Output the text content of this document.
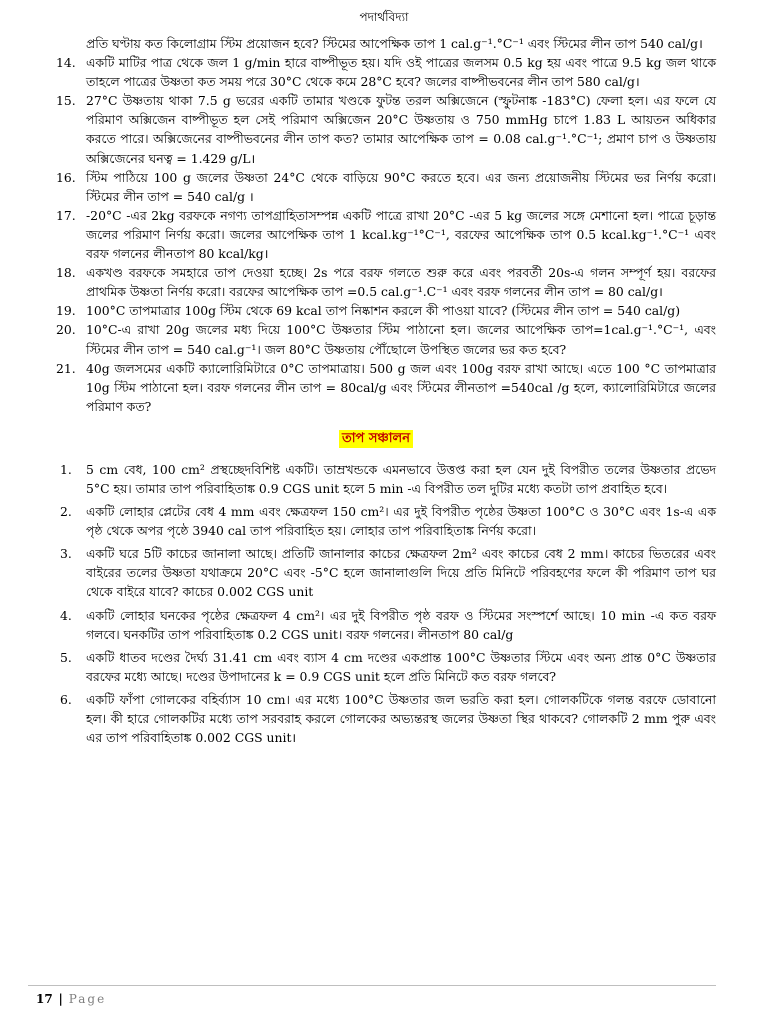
পদার্থবিদ্যা

প্রতি ঘণ্টায় কত কিলোগ্রাম স্টিম প্রয়োজন হবে? স্টিমের আপেক্ষিক তাপ 1 cal.g⁻¹.°C⁻¹ এবং স্টিমের লীন তাপ 540 cal/g।

14. একটি মাটির পাত্র থেকে জল 1 g/min হারে বাষ্পীভূত হয়। যদি ওই পাত্রের জলসম 0.5 kg হয় এবং পাত্রে 9.5 kg জল থাকে তাহলে পাত্রের উষ্ণতা কত সময় পরে 30°C থেকে কমে 28°C হবে? জলের বাষ্পীভবনের লীন তাপ 580 cal/g।
15. 27°C উষ্ণতায় থাকা 7.5 g ভরের একটি তামার খণ্ডকে ফুটন্ত তরল অক্সিজেনে (স্ফুটনাঙ্ক -183°C) ফেলা হল। এর ফলে যে পরিমাণ অক্সিজেন বাষ্পীভূত হল সেই পরিমাণ অক্সিজেন 20°C উষ্ণতায় ও 750 mmHg চাপে 1.83 L আয়তন অধিকার করতে পারে। অক্সিজেনের বাষ্পীভবনের লীন তাপ কত? তামার আপেক্ষিক তাপ = 0.08 cal.g⁻¹.°C⁻¹; প্রমাণ চাপ ও উষ্ণতায় অক্সিজেনের ঘনত্ব = 1.429 g/L।
16. স্টিম পাঠিয়ে 100 g জলের উষ্ণতা 24°C থেকে বাড়িয়ে 90°C করতে হবে। এর জন্য প্রয়োজনীয় স্টিমের ভর নির্ণয় করো। স্টিমের লীন তাপ = 540 cal/g ।
17. -20°C -এর 2kg বরফকে নগণ্য তাপগ্রাহিতাসম্পন্ন একটি পাত্রে রাখা 20°C -এর 5 kg জলের সঙ্গে মেশানো হল। পাত্রে চূড়ান্ত জলের পরিমাণ নির্ণয় করো। জলের আপেক্ষিক তাপ 1 kcal.kg⁻¹°C⁻¹, বরফের আপেক্ষিক তাপ 0.5 kcal.kg⁻¹.°C⁻¹ এবং বরফ গলনের লীনতাপ 80 kcal/kg।
18. একখণ্ড বরফকে সমহারে তাপ দেওয়া হচ্ছে। 2s পরে বরফ গলতে শুরু করে এবং পরবর্তী 20s-এ গলন সম্পূর্ণ হয়। বরফের প্রাথমিক উষ্ণতা নির্ণয় করো। বরফের আপেক্ষিক তাপ =0.5 cal.g⁻¹.C⁻¹ এবং বরফ গলনের লীন তাপ = 80 cal/g।
19. 100°C তাপমাত্রার 100g স্টিম থেকে 69 kcal তাপ নিষ্কাশন করলে কী পাওয়া যাবে? (স্টিমের লীন তাপ = 540 cal/g)
20. 10°C-এ রাখা 20g জলের মধ্য দিয়ে 100°C উষ্ণতার স্টিম পাঠানো হল। জলের আপেক্ষিক তাপ=1cal.g⁻¹.°C⁻¹, এবং স্টিমের লীন তাপ = 540 cal.g⁻¹। জল 80°C উষ্ণতায় পৌঁছোলে উপস্থিত জলের ভর কত হবে?
21. 40g জলসমের একটি ক্যালোরিমিটারে 0°C তাপমাত্রায়। 500 g জল এবং 100g বরফ রাখা আছে। এতে 100 °C তাপমাত্রার 10g স্টিম পাঠানো হল। বরফ গলনের লীন তাপ = 80cal/g এবং স্টিমের লীনতাপ =540cal /g হলে, ক্যালোরিমিটারে জলের পরিমাণ কত?
তাপ সঞ্চালন
1.	5 cm বেধ, 100 cm² প্রস্থচ্ছেদবিশিষ্ট একটি। তাম্রখন্ডকে এমনভাবে উত্তপ্ত করা হল যেন দুই বিপরীত তলের উষ্ণতার প্রভেদ 5°C হয়। তামার তাপ পরিবাহিতাঙ্ক 0.9 CGS unit হলে 5 min -এ বিপরীত তল দুটির মধ্যে কতটা তাপ প্রবাহিত হবে।
2.	একটি লোহার প্লেটের বেধ 4 mm এবং ক্ষেত্রফল 150 cm²। এর দুই বিপরীত পৃষ্ঠের উষ্ণতা 100°C ও 30°C এবং 1s-এ এক পৃষ্ঠ থেকে অপর পৃষ্ঠে 3940 cal তাপ পরিবাহিত হয়। লোহার তাপ পরিবাহিতাঙ্ক নির্ণয় করো।
3.	একটি ঘরে 5টি কাচের জানালা আছে। প্রতিটি জানালার কাচের ক্ষেত্রফল 2m² এবং কাচের বেধ 2 mm। কাচের ভিতরের এবং বাইরের তলের উষ্ণতা যথাক্রমে 20°C এবং -5°C হলে জানালাগুলি দিয়ে প্রতি মিনিটে পরিবহণের ফলে কী পরিমাণ তাপ ঘর থেকে বাইরে যাবে? কাচের 0.002 CGS unit
4.	একটি লোহার ঘনকের পৃষ্ঠের ক্ষেত্রফল 4 cm²। এর দুই বিপরীত পৃষ্ঠ বরফ ও স্টিমের সংস্পর্শে আছে। 10 min -এ কত বরফ গলবে। ঘনকটির তাপ পরিবাহিতাঙ্ক 0.2 CGS unit। বরফ গলনের। লীনতাপ 80 cal/g
5.	একটি ধাতব দণ্ডের দৈর্ঘ্য 31.41 cm এবং ব্যাস 4 cm দণ্ডের একপ্রান্ত 100°C উষ্ণতার স্টিমে এবং অন্য প্রান্ত 0°C উষ্ণতার বরফের মধ্যে আছে। দণ্ডের উপাদানের k = 0.9 CGS unit হলে প্রতি মিনিটে কত বরফ গলবে?
6.	একটি ফাঁপা গোলকের বহির্ব্যাস 10 cm। এর মধ্যে 100°C উষ্ণতার জল ভরতি করা হল। গোলকটিকে গলন্ত বরফে ডোবানো হল। কী হারে গোলকটির মধ্যে তাপ সরবরাহ করলে গোলকের অভ্যন্তরস্থ জলের উষ্ণতা স্থির থাকবে? গোলকটি 2 mm পুরু এবং এর তাপ পরিবাহিতাঙ্ক 0.002 CGS unit।
17 | Page
